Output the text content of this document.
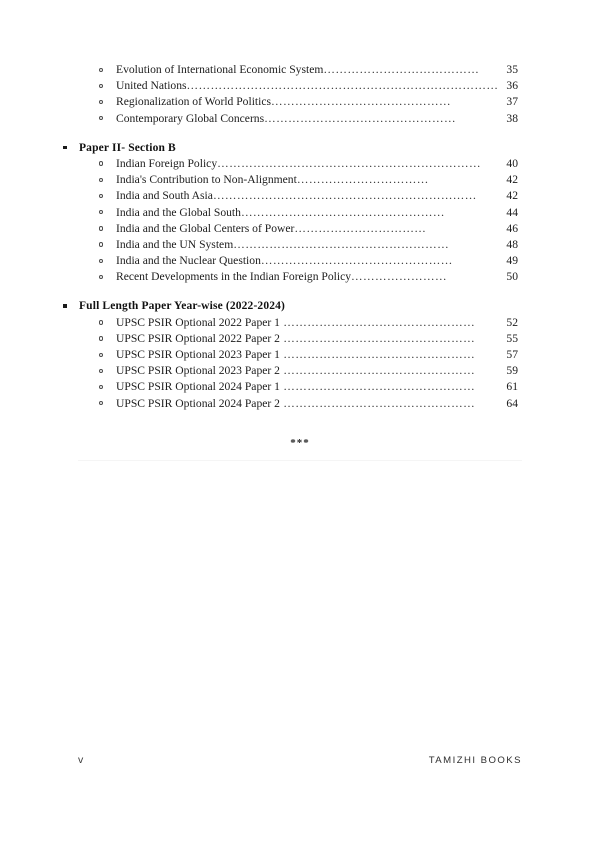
Evolution of International Economic System…………………………………	35
United Nations…………………………………………………………………… 36
Regionalization of World Politics………………………………………	37
Contemporary Global Concerns…………………………………………	38
Paper II- Section B
Indian Foreign Policy…………………………………………………………	40
India's Contribution to Non-Alignment……………………………	42
India and South Asia…………………………………………………………	42
India and the Global South……………………………………………	44
India and the Global Centers of Power……………………………	46
India and the UN System………………………………………………	48
India and the Nuclear Question…………………………………………	49
Recent Developments in the Indian Foreign Policy……………………	50
Full Length Paper Year-wise (2022-2024)
UPSC PSIR Optional 2022 Paper 1 …………………………………………	52
UPSC PSIR Optional 2022 Paper 2 …………………………………………	55
UPSC PSIR Optional 2023 Paper 1 …………………………………………	57
UPSC PSIR Optional 2023 Paper 2 …………………………………………	59
UPSC PSIR Optional 2024 Paper 1 …………………………………………	61
UPSC PSIR Optional 2024 Paper 2 …………………………………………	64
***
v	TAMIZHI BOOKS
